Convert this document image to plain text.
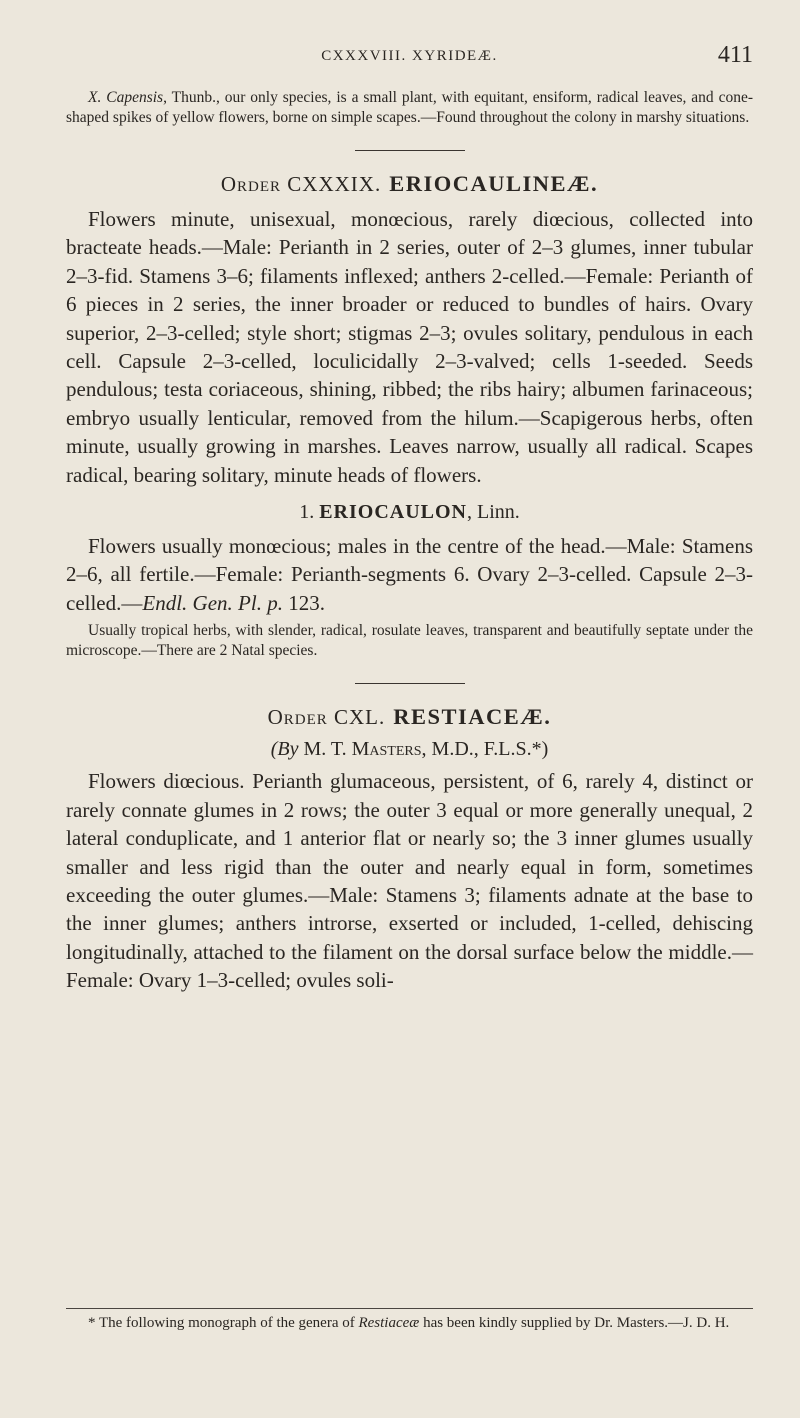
CXXXVIII. XYRIDEÆ.	411

X. Capensis, Thunb., our only species, is a small plant, with equitant, ensiform, radical leaves, and cone-shaped spikes of yellow flowers, borne on simple scapes.—Found throughout the colony in marshy situations.

Order CXXXIX. ERIOCAULINEÆ.

Flowers minute, unisexual, monœcious, rarely diœcious, collected into bracteate heads.—Male: Perianth in 2 series, outer of 2–3 glumes, inner tubular 2–3-fid. Stamens 3–6; filaments inflexed; anthers 2-celled.—Female: Perianth of 6 pieces in 2 series, the inner broader or reduced to bundles of hairs. Ovary superior, 2–3-celled; style short; stigmas 2–3; ovules solitary, pendulous in each cell. Capsule 2–3-celled, loculicidally 2–3-valved; cells 1-seeded. Seeds pendulous; testa coriaceous, shining, ribbed; the ribs hairy; albumen farinaceous; embryo usually lenticular, removed from the hilum.—Scapigerous herbs, often minute, usually growing in marshes. Leaves narrow, usually all radical. Scapes radical, bearing solitary, minute heads of flowers.

1. ERIOCAULON, Linn.

Flowers usually monœcious; males in the centre of the head.—Male: Stamens 2–6, all fertile.—Female: Perianth-segments 6. Ovary 2–3-celled. Capsule 2–3-celled.—Endl. Gen. Pl. p. 123.

Usually tropical herbs, with slender, radical, rosulate leaves, transparent and beautifully septate under the microscope.—There are 2 Natal species.

Order CXL. RESTIACEÆ.
(By M. T. Masters, M.D., F.L.S.*)

Flowers diœcious. Perianth glumaceous, persistent, of 6, rarely 4, distinct or rarely connate glumes in 2 rows; the outer 3 equal or more generally unequal, 2 lateral conduplicate, and 1 anterior flat or nearly so; the 3 inner glumes usually smaller and less rigid than the outer and nearly equal in form, sometimes exceeding the outer glumes.—Male: Stamens 3; filaments adnate at the base to the inner glumes; anthers introrse, exserted or included, 1-celled, dehiscing longitudinally, attached to the filament on the dorsal surface below the middle.—Female: Ovary 1–3-celled; ovules soli-

* The following monograph of the genera of Restiaceæ has been kindly supplied by Dr. Masters.—J. D. H.
